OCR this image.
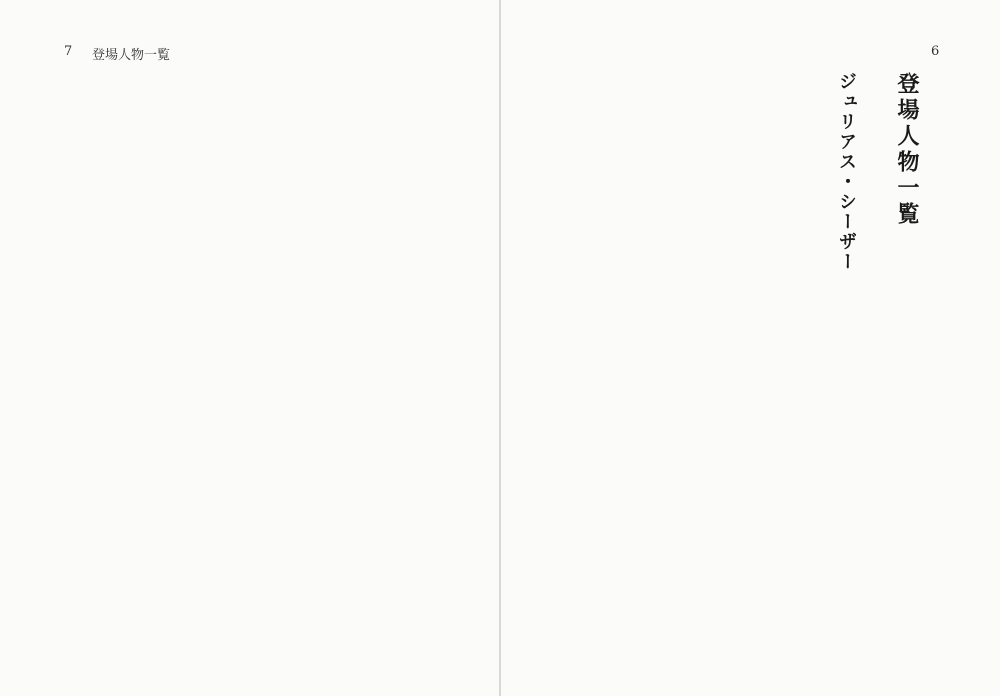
7 登場人物一覧	6
登場人物一覧
ジュリアス・シーザー
